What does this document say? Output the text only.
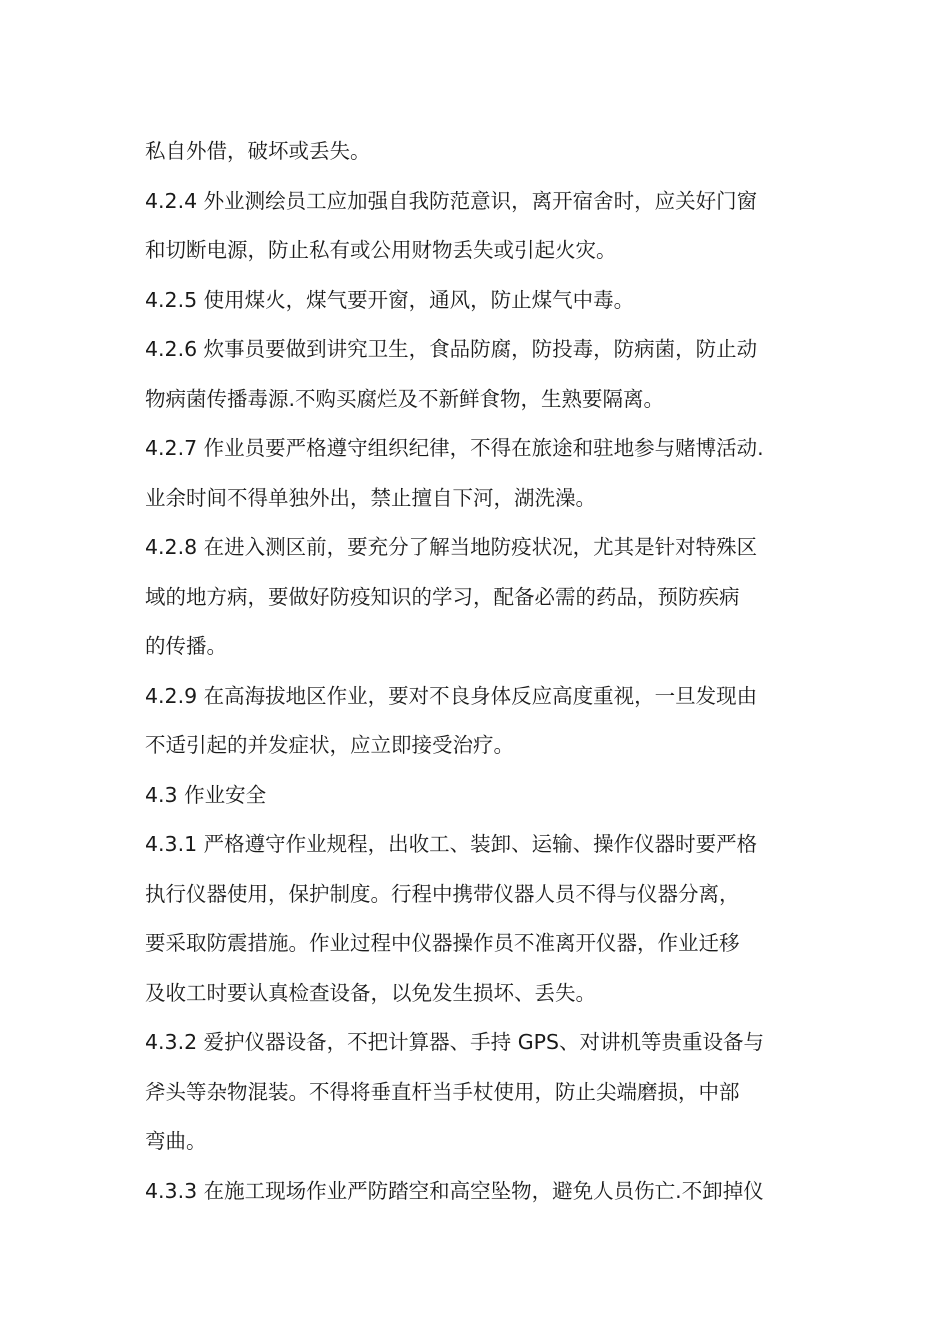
私自外借，破坏或丢失。
4.2.4 外业测绘员工应加强自我防范意识，离开宿舍时，应关好门窗
和切断电源，防止私有或公用财物丢失或引起火灾。
4.2.5 使用煤火，煤气要开窗，通风，防止煤气中毒。
4.2.6 炊事员要做到讲究卫生，食品防腐，防投毒，防病菌，防止动
物病菌传播毒源.不购买腐烂及不新鲜食物，生熟要隔离。
4.2.7 作业员要严格遵守组织纪律，不得在旅途和驻地参与赌博活动.
业余时间不得单独外出，禁止擅自下河，湖洗澡。
4.2.8 在进入测区前，要充分了解当地防疫状况，尤其是针对特殊区
域的地方病，要做好防疫知识的学习，配备必需的药品，预防疾病
的传播。
4.2.9 在高海拔地区作业，要对不良身体反应高度重视，一旦发现由
不适引起的并发症状，应立即接受治疗。
4.3 作业安全
4.3.1 严格遵守作业规程，出收工、装卸、运输、操作仪器时要严格
执行仪器使用，保护制度。行程中携带仪器人员不得与仪器分离，
要采取防震措施。作业过程中仪器操作员不准离开仪器，作业迁移
及收工时要认真检查设备，以免发生损坏、丢失。
4.3.2 爱护仪器设备，不把计算器、手持 GPS、对讲机等贵重设备与
斧头等杂物混装。不得将垂直杆当手杖使用，防止尖端磨损，中部
弯曲。
4.3.3 在施工现场作业严防踏空和高空坠物，避免人员伤亡.不卸掉仪
